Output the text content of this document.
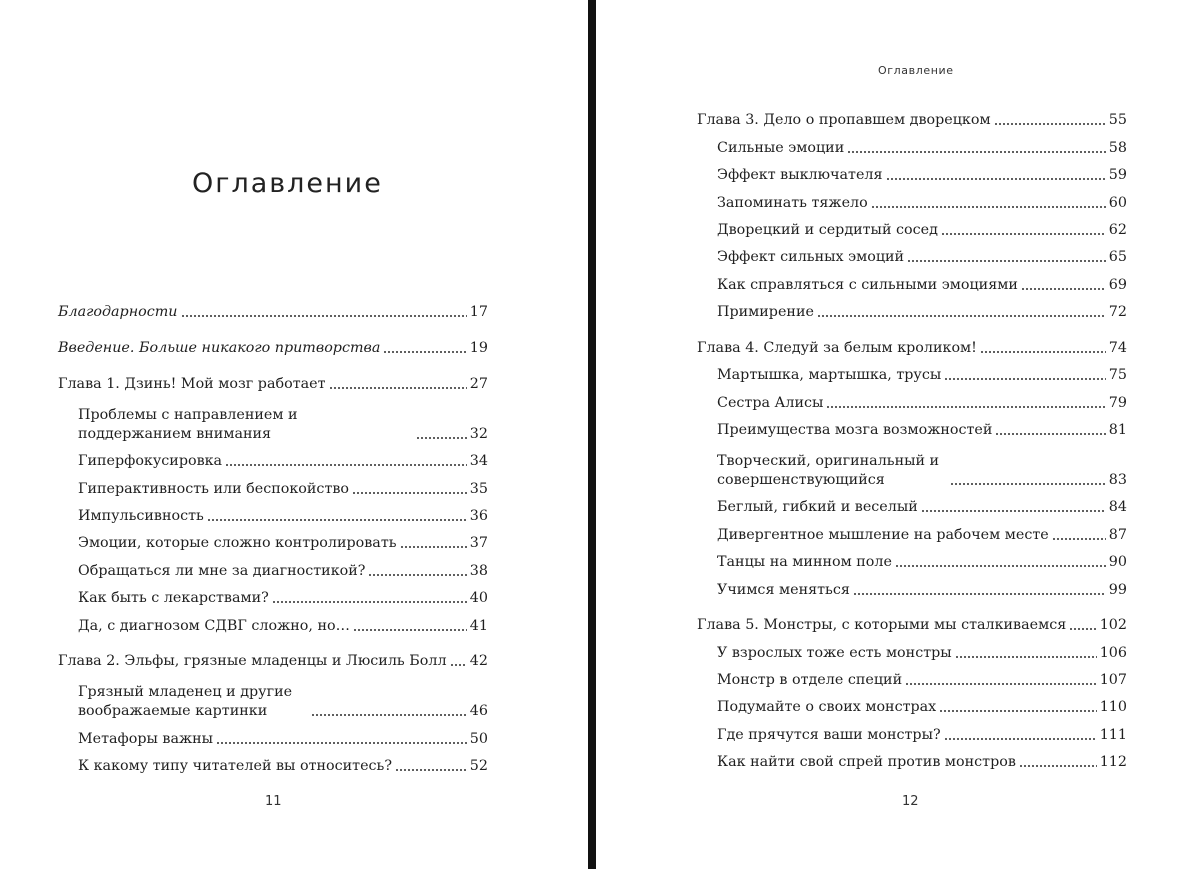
Оглавление
Благодарности	17
Введение. Больше никакого притворства	19
Глава 1. Дзинь! Мой мозг работает	27
Проблемы с направлением и поддержанием внимания	32
Гиперфокусировка	34
Гиперактивность или беспокойство	35
Импульсивность	36
Эмоции, которые сложно контролировать	37
Обращаться ли мне за диагностикой?	38
Как быть с лекарствами?	40
Да, с диагнозом СДВГ сложно, но…	41
Глава 2. Эльфы, грязные младенцы и Люсиль Болл 42
Грязный младенец и другие воображаемые картинки	46
Метафоры важны	50
К какому типу читателей вы относитесь?	52

11

Оглавление

Глава 3. Дело о пропавшем дворецком	55
Сильные эмоции	58
Эффект выключателя	59
Запоминать тяжело	60
Дворецкий и сердитый сосед	62
Эффект сильных эмоций	65
Как справляться с сильными эмоциями	69
Примирение	72
Глава 4. Следуй за белым кроликом!	74
Мартышка, мартышка, трусы	75
Сестра Алисы	79
Преимущества мозга возможностей	81
Творческий, оригинальный и совершенствующийся	83
Беглый, гибкий и веселый	84
Дивергентное мышление на рабочем месте	87
Танцы на минном поле	90
Учимся меняться	99
Глава 5. Монстры, с которыми мы сталкиваемся 102
У взрослых тоже есть монстры	106
Монстр в отделе специй	107
Подумайте о своих монстрах	110
Где прячутся ваши монстры?	111
Как найти свой спрей против монстров	112

12
